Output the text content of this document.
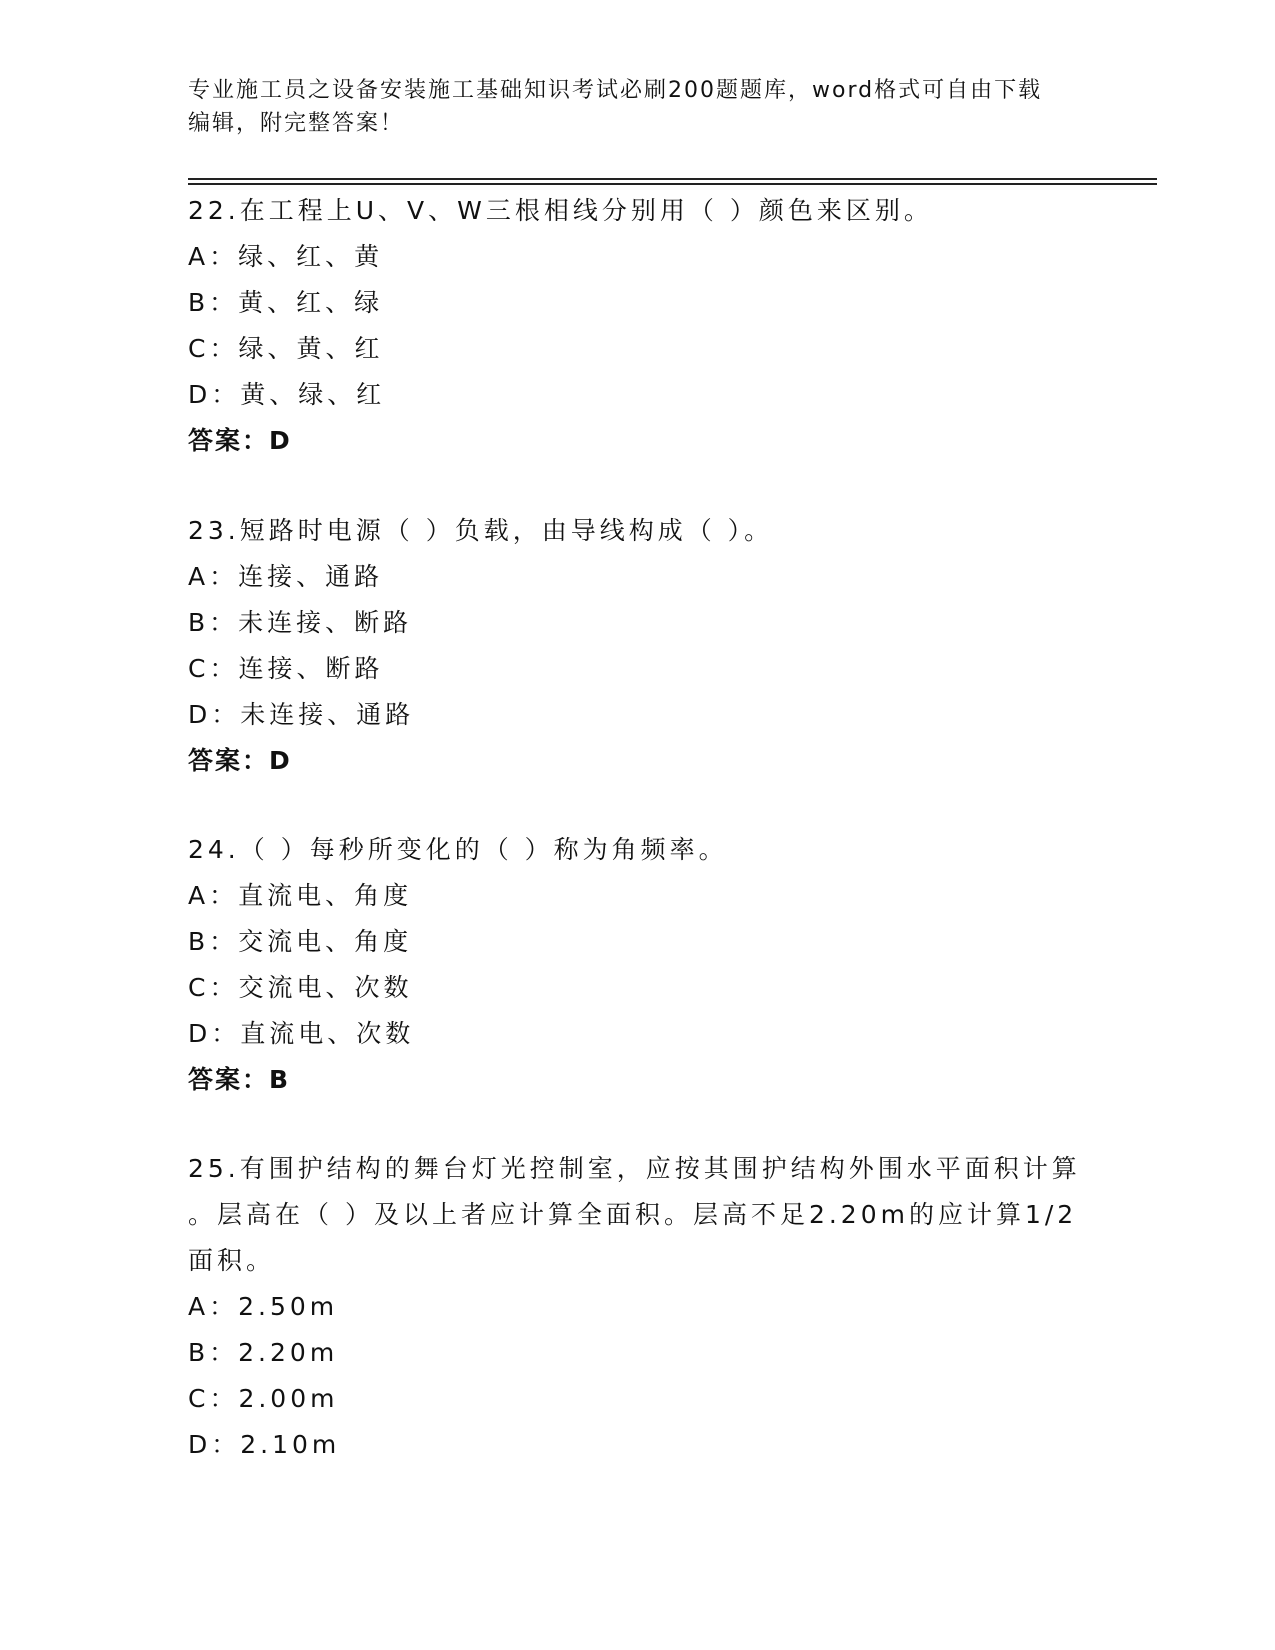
专业施工员之设备安装施工基础知识考试必刷200题题库，word格式可自由下载
编辑，附完整答案！

22.在工程上U、V、W三根相线分别用（ ）颜色来区别。

A：绿、红、黄
B：黄、红、绿
C：绿、黄、红
D：黄、绿、红
答案：D

23.短路时电源（ ）负载，由导线构成（ ）。

A：连接、通路
B：未连接、断路
C：连接、断路
D：未连接、通路
答案：D

24.（ ）每秒所变化的（ ）称为角频率。

A：直流电、角度
B：交流电、角度
C：交流电、次数
D：直流电、次数
答案：B

25.有围护结构的舞台灯光控制室，应按其围护结构外围水平面积计算
。层高在（ ）及以上者应计算全面积。层高不足2.20m的应计算1/2
面积。

A：2.50m
B：2.20m
C：2.00m
D：2.10m
